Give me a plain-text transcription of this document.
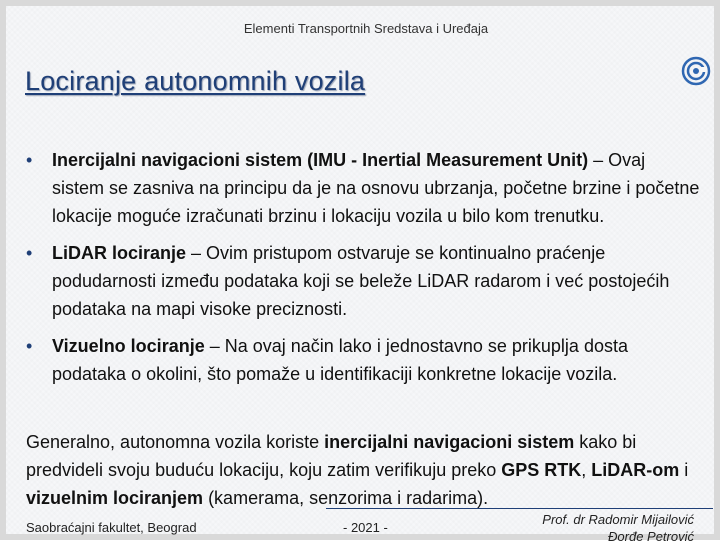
Elementi Transportnih Sredstava i Uređaja
Lociranje autonomnih vozila
•	Inercijalni navigacioni sistem (IMU - Inertial Measurement Unit) – Ovaj sistem se zasniva na principu da je na osnovu ubrzanja, početne brzine i početne lokacije moguće izračunati brzinu i lokaciju vozila u bilo kom trenutku.
•	LiDAR lociranje – Ovim pristupom ostvaruje se kontinualno praćenje podudarnosti između podataka koji se beleže LiDAR radarom i već postojećih podataka na mapi visoke preciznosti.
•	Vizuelno lociranje – Na ovaj način lako i jednostavno se prikuplja dosta podataka o okolini, što pomaže u identifikaciji konkretne lokacije vozila.

Generalno, autonomna vozila koriste inercijalni navigacioni sistem kako bi predvideli svoju buduću lokaciju, koju zatim verifikuju preko GPS RTK, LiDAR-om i vizuelnim lociranjem (kamerama, senzorima i radarima).

Saobraćajni fakultet, Beograd	- 2021 -
Prof. dr Radomir Mijailović
Đorđe Petrović
